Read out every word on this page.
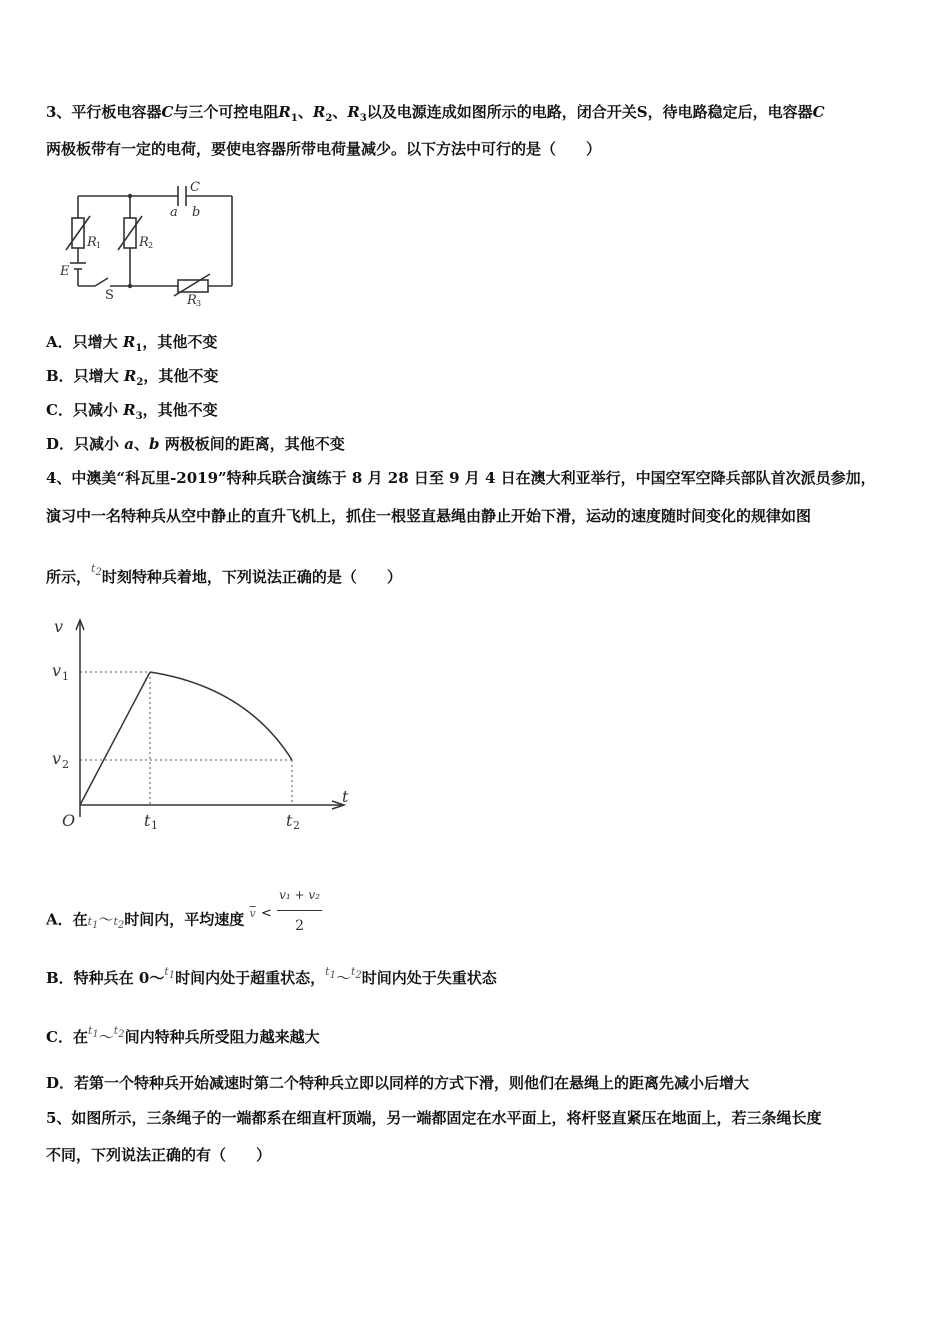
3、平行板电容器C与三个可控电阻$R_1$、$R_2$、$R_3$以及电源连成如图所示的电路，闭合开关S，待电路稳定后，电容器C
两极板带有一定的电荷，要使电容器所带电荷量减少。以下方法中可行的是（　　）
C
a b
R	R
R
E
1	2
3
S
A．只增大 $R_1$，其他不变
B．只增大 $R_2$，其他不变
C．只减小 $R_3$，其他不变
D．只减小 a、b 两极板间的距离，其他不变
4、中澳美“科瓦里-2019”特种兵联合演练于 8 月 28 日至 9 月 4 日在澳大利亚举行，中国空军空降兵部队首次派员参加，
演习中一名特种兵从空中静止的直升飞机上，抓住一根竖直悬绳由静止开始下滑，运动的速度随时间变化的规律如图
所示，$^{t_2}$时刻特种兵着地，下列说法正确的是（　　）
v
v
v
t
t	t
O
1
2
1	2
A．在$t_1\sim t_2$时间内，平均速度 $^{\overline{v}} < \frac{\text{v₁ + v₂}}{2}$
B．特种兵在 0～$^{t_1}$时间内处于超重状态，$^{t_1}$～$^{t_2}$时间内处于失重状态
C．在$^{t_1}$～$^{t_2}$间内特种兵所受阻力越来越大
D．若第一个特种兵开始减速时第二个特种兵立即以同样的方式下滑，则他们在悬绳上的距离先减小后增大
5、如图所示，三条绳子的一端都系在细直杆顶端，另一端都固定在水平面上，将杆竖直紧压在地面上，若三条绳长度
不同，下列说法正确的有（　　）
